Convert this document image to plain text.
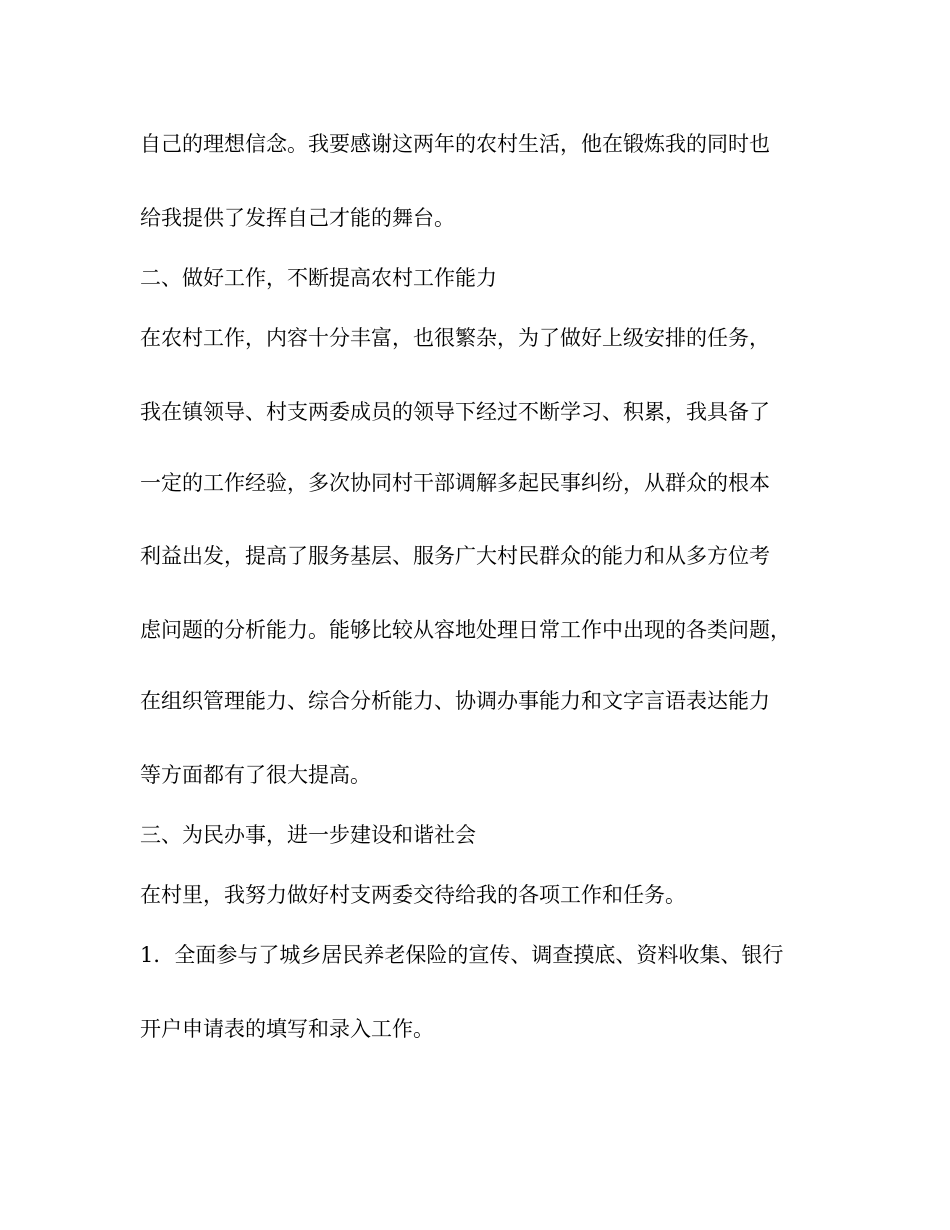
自己的理想信念。我要感谢这两年的农村生活，他在锻炼我的同时也
给我提供了发挥自己才能的舞台。
二、做好工作，不断提高农村工作能力
在农村工作，内容十分丰富，也很繁杂，为了做好上级安排的任务，
我在镇领导、村支两委成员的领导下经过不断学习、积累，我具备了
一定的工作经验，多次协同村干部调解多起民事纠纷，从群众的根本
利益出发，提高了服务基层、服务广大村民群众的能力和从多方位考
虑问题的分析能力。能够比较从容地处理日常工作中出现的各类问题，
在组织管理能力、综合分析能力、协调办事能力和文字言语表达能力
等方面都有了很大提高。
三、为民办事，进一步建设和谐社会
在村里，我努力做好村支两委交待给我的各项工作和任务。
1．全面参与了城乡居民养老保险的宣传、调查摸底、资料收集、银行
开户申请表的填写和录入工作。
